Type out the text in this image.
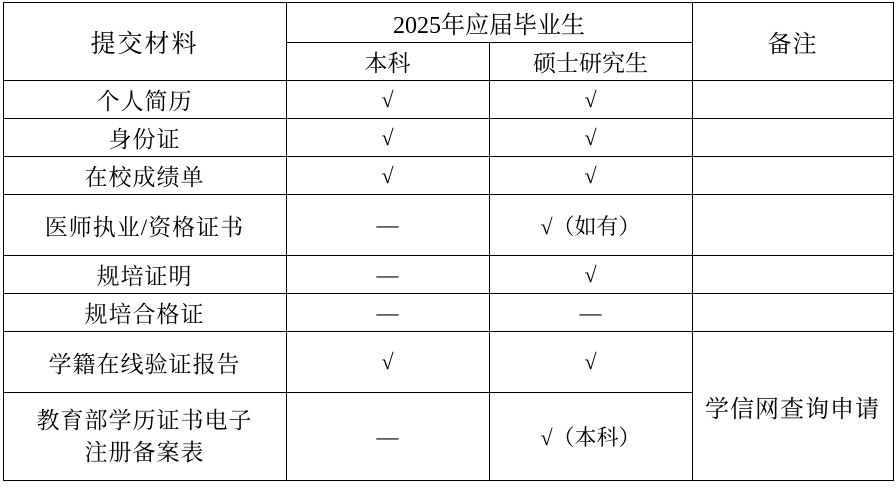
提交材料	2025年应届毕业生		备注
	本科	硕士研究生	
个人简历	√	√	
身份证	√	√	
在校成绩单	√	√	
医师执业/资格证书	—	√（如有）	
规培证明	—	√	
规培合格证	—	—	
学籍在线验证报告	√	√	学信网查询申请

教育部学历证书电子
注册备案表	—	√（本科）	
